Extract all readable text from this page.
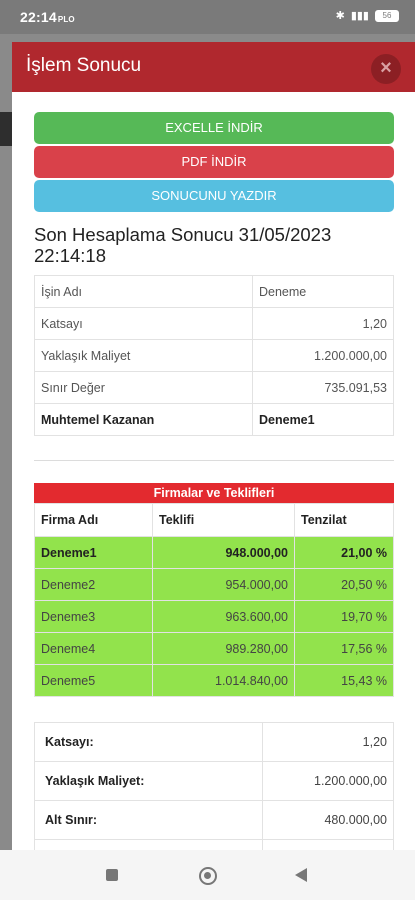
22:14PLO	✱ ▮▮▮	56
İşlem Sonucu	×
EXCELLE İNDİR
PDF İNDİR
SONUCUNU YAZDIR
Son Hesaplama Sonucu 31/05/2023 22:14:18
İşin Adı	Deneme
Katsayı	1,20
Yaklaşık Maliyet	1.200.000,00
Sınır Değer	735.091,53
Muhtemel Kazanan	Deneme1
Firmalar ve Teklifleri
Firma Adı	Teklifi	Tenzilat
Deneme1	948.000,00	21,00 %
Deneme2	954.000,00	20,50 %
Deneme3	963.600,00	19,70 %
Deneme4	989.280,00	17,56 %
Deneme5	1.014.840,00	15,43 %
Katsayı:	1,20
Yaklaşık Maliyet:	1.200.000,00
Alt Sınır:	480.000,00
